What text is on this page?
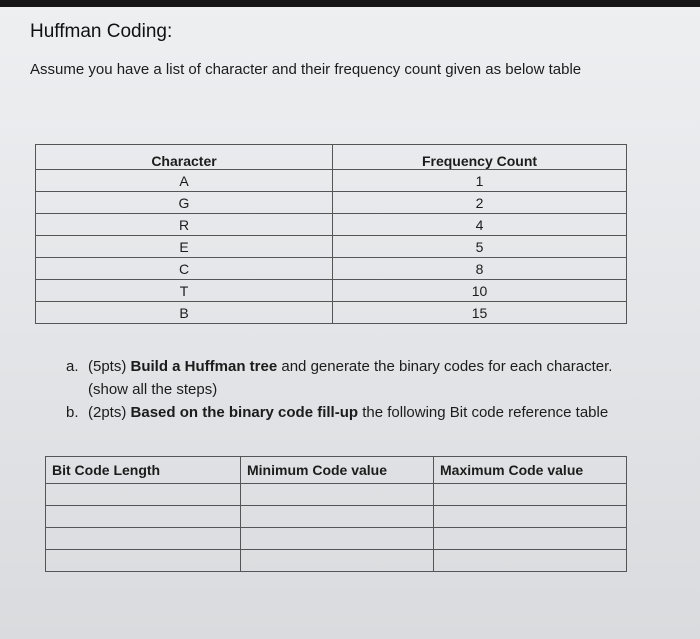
Huffman Coding:

Assume you have a list of character and their frequency count given as below table

Character	Frequency Count
A	1
G	2
R	4
E	5
C	8
T	10
B	15
a. (5pts) Build a Huffman tree and generate the binary codes for each character. (show all the steps)
b. (2pts) Based on the binary code fill-up the following Bit code reference table
Bit Code Length	Minimum Code value	Maximum Code value
